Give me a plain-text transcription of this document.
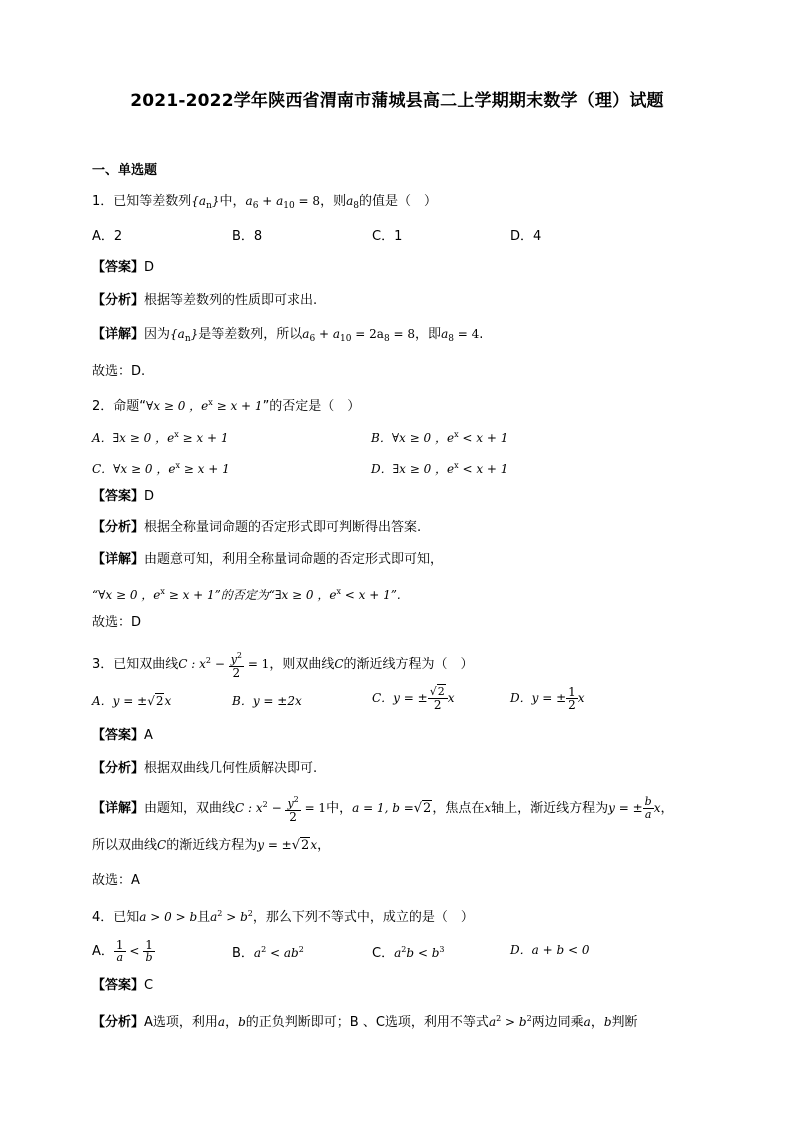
2021-2022学年陕西省渭南市蒲城县高二上学期期末数学（理）试题
一、单选题
1．已知等差数列$\{a_n\}$中，$a_6 + a_{10} = 8$，则$a_8$的值是（　）
A．2	B．8	C．1	D．4
【答案】D
【分析】根据等差数列的性质即可求出.
【详解】因为$\{a_n\}$是等差数列，所以$a_6 + a_{10} = 2a_8 = 8$，即$a_8 = 4$.
故选：D.
2．命题“∀x ≥ 0 ，$e^x \ge x + 1$”的否定是（　）
A．∃x ≥ 0 ，$e^x \ge x + 1$	B．∀x ≥ 0 ，$e^x < x + 1$
C．∀x ≥ 0 ，$e^x \ge x + 1$	D．∃x ≥ 0 ，$e^x < x + 1$
【答案】D
【分析】根据全称量词命题的否定形式即可判断得出答案.
【详解】由题意可知，利用全称量词命题的否定形式即可知，
“∀x ≥ 0 ，$e^x \ge x + 1$”的否定为“∃x ≥ 0 ，$e^x < x + 1$”.
故选：D
3．已知双曲线C : $x^2 - \frac{y^2}{2} = 1$，则双曲线C的渐近线方程为（　）
A．y = ±√2x	B．y = ±2x	C．y = ± $\frac{√2}{2}$ x	D．y = ± $\frac{1}{2}$ x
【答案】A
【分析】根据双曲线几何性质解决即可.
【详解】由题知，双曲线C : $x^2 - \frac{y^2}{2} = 1$中，a = 1, b =√2，焦点在x轴上，渐近线方程为y = ± $\frac{b}{a}$ x，
所以双曲线C的渐近线方程为y = ±√2x，
故选：A
4．已知a > 0 > b且$a^2 > b^2$，那么下列不等式中，成立的是（　）
A． $\frac{1}{a} < \frac{1}{b}$	B．$a^2 < ab^2$	C．$a^2b < b^3$	D．a + b < 0
【答案】C
【分析】A选项，利用a，b的正负判断即可；B 、C选项，利用不等式$a^2 > b^2$两边同乘a，b判断
